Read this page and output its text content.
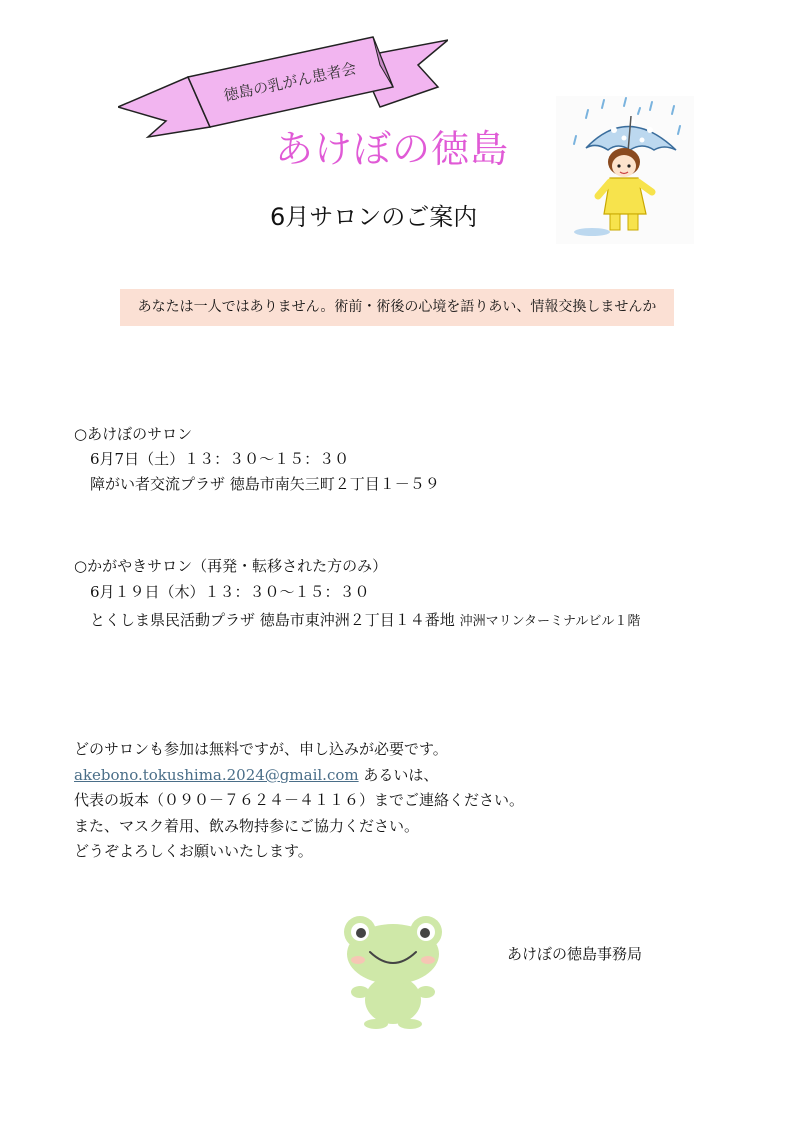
徳島の乳がん患者会
あけぼの徳島
6月サロンのご案内
あなたは一人ではありません。術前・術後の心境を語りあい、情報交換しませんか
○あけぼのサロン
6月7日（土）１３：３０～１５：３０
障がい者交流プラザ 徳島市南矢三町２丁目１－５９
○かがやきサロン（再発・転移された方のみ）
6月１９日（木）１３：３０～１５：３０
とくしま県民活動プラザ 徳島市東沖洲２丁目１４番地 沖洲マリンターミナルビル１階
どのサロンも参加は無料ですが、申し込みが必要です。
akebono.tokushima.2024@gmail.com あるいは、
代表の坂本（０９０－７６２４－４１１６）までご連絡ください。
また、マスク着用、飲み物持参にご協力ください。
どうぞよろしくお願いいたします。
あけぼの徳島事務局
